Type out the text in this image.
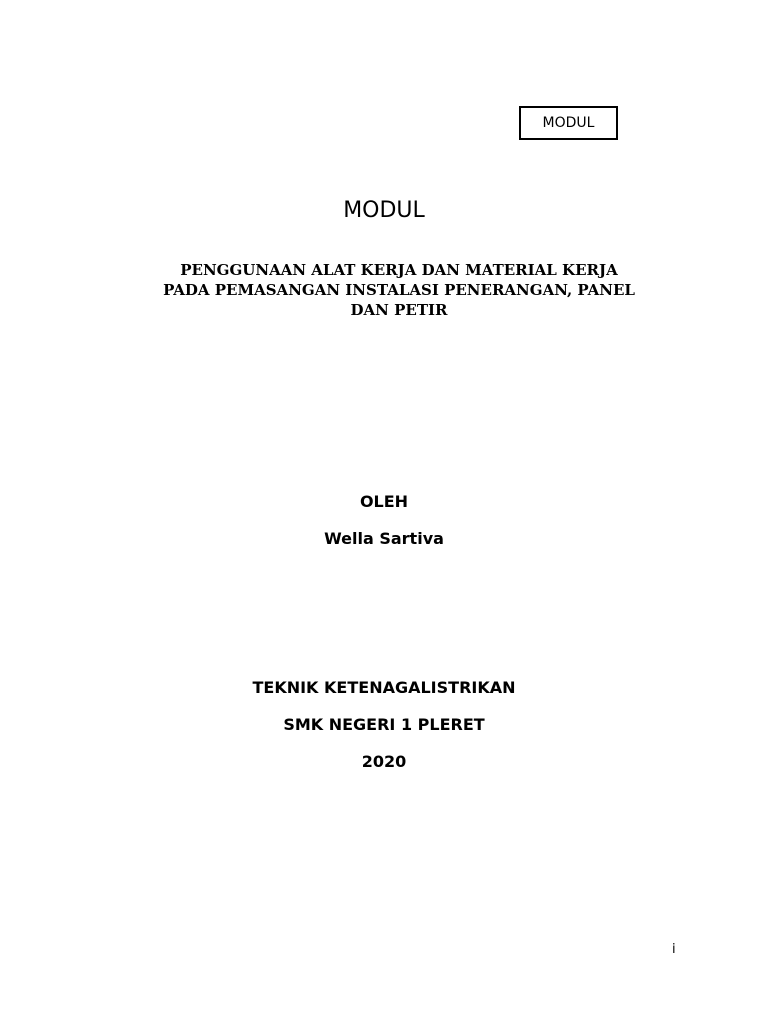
MODUL
MODUL
PENGGUNAAN ALAT KERJA DAN MATERIAL KERJA
PADA PEMASANGAN INSTALASI PENERANGAN, PANEL
DAN PETIR
OLEH
Wella Sartiva
TEKNIK KETENAGALISTRIKAN
SMK NEGERI 1 PLERET
2020
i
